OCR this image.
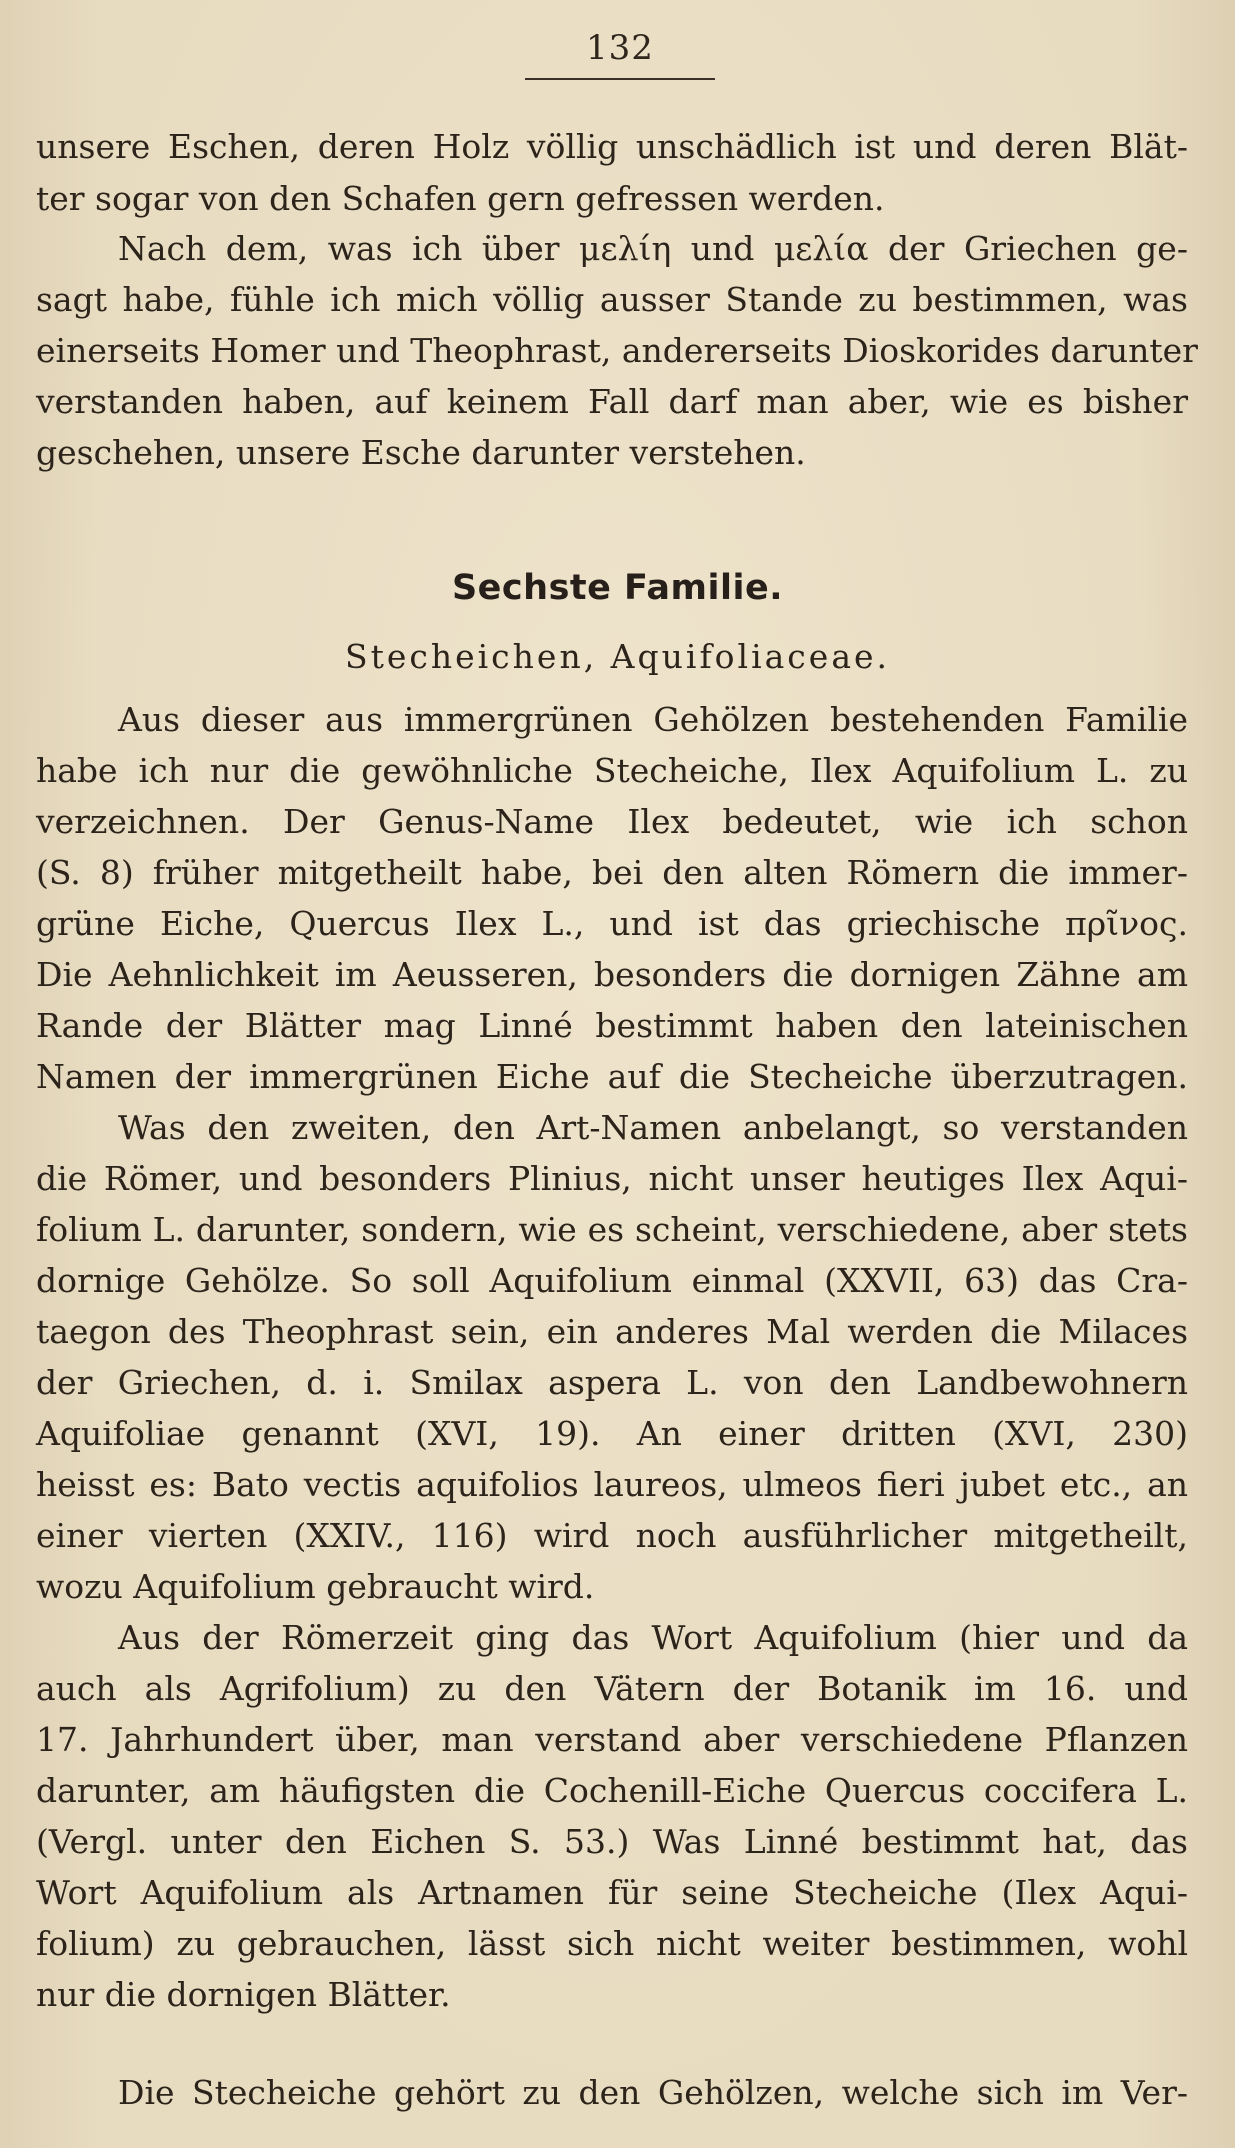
132
unsere Eschen, deren Holz völlig unschädlich ist und deren Blät-
ter sogar von den Schafen gern gefressen werden.
Nach dem, was ich über μελίη und μελία der Griechen ge-
sagt habe, fühle ich mich völlig ausser Stande zu bestimmen, was
einerseits Homer und Theophrast, andererseits Dioskorides darunter
verstanden haben, auf keinem Fall darf man aber, wie es bisher
geschehen, unsere Esche darunter verstehen.
Sechste Familie.
Stecheichen, Aquifoliaceae.
Aus dieser aus immergrünen Gehölzen bestehenden Familie
habe ich nur die gewöhnliche Stecheiche, Ilex Aquifolium L. zu
verzeichnen. Der Genus-Name Ilex bedeutet, wie ich schon
(S. 8) früher mitgetheilt habe, bei den alten Römern die immer-
grüne Eiche, Quercus Ilex L., und ist das griechische πρῖνος.
Die Aehnlichkeit im Aeusseren, besonders die dornigen Zähne am
Rande der Blätter mag Linné bestimmt haben den lateinischen
Namen der immergrünen Eiche auf die Stecheiche überzutragen.
Was den zweiten, den Art-Namen anbelangt, so verstanden
die Römer, und besonders Plinius, nicht unser heutiges Ilex Aqui-
folium L. darunter, sondern, wie es scheint, verschiedene, aber stets
dornige Gehölze. So soll Aquifolium einmal (XXVII, 63) das Cra-
taegon des Theophrast sein, ein anderes Mal werden die Milaces
der Griechen, d. i. Smilax aspera L. von den Landbewohnern
Aquifoliae genannt (XVI, 19). An einer dritten (XVI, 230)
heisst es: Bato vectis aquifolios laureos, ulmeos fieri jubet etc., an
einer vierten (XXIV., 116) wird noch ausführlicher mitgetheilt,
wozu Aquifolium gebraucht wird.
Aus der Römerzeit ging das Wort Aquifolium (hier und da
auch als Agrifolium) zu den Vätern der Botanik im 16. und
17. Jahrhundert über, man verstand aber verschiedene Pflanzen
darunter, am häufigsten die Cochenill-Eiche Quercus coccifera L.
(Vergl. unter den Eichen S. 53.) Was Linné bestimmt hat, das
Wort Aquifolium als Artnamen für seine Stecheiche (Ilex Aqui-
folium) zu gebrauchen, lässt sich nicht weiter bestimmen, wohl
nur die dornigen Blätter.
Die Stecheiche gehört zu den Gehölzen, welche sich im Ver-
